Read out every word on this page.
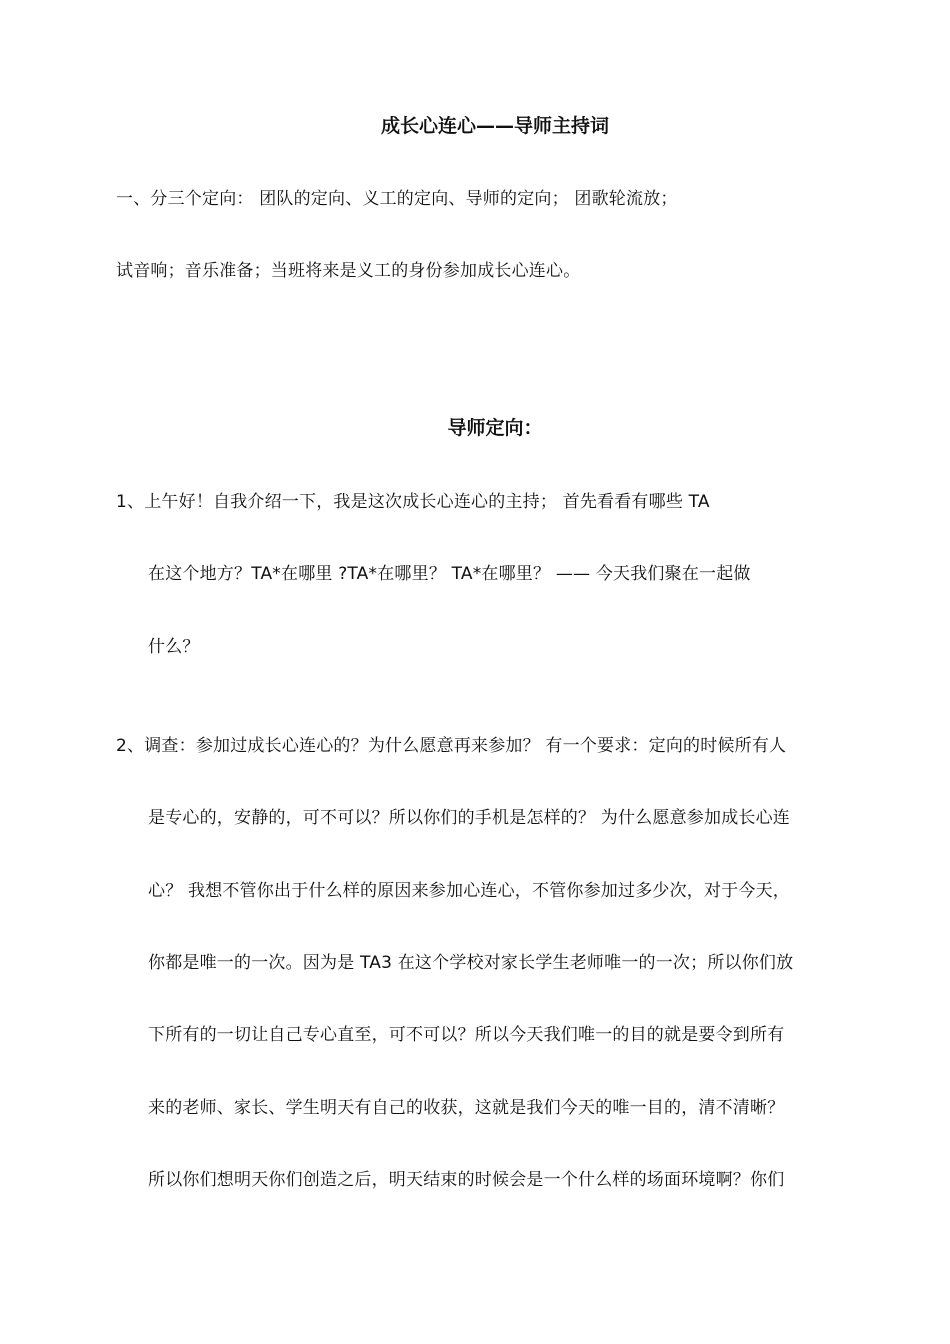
成长心连心——导师主持词
一、分三个定向： 团队的定向、义工的定向、导师的定向； 团歌轮流放；
试音响；音乐准备；当班将来是义工的身份参加成长心连心。
导师定向：
1、上午好！自我介绍一下，我是这次成长心连心的主持； 首先看看有哪些 TA
在这个地方？TA*在哪里 ?TA*在哪里？ TA*在哪里？ —— 今天我们聚在一起做
什么？
2、调查：参加过成长心连心的？为什么愿意再来参加？ 有一个要求：定向的时候所有人
是专心的，安静的，可不可以？所以你们的手机是怎样的？ 为什么愿意参加成长心连
心？ 我想不管你出于什么样的原因来参加心连心，不管你参加过多少次，对于今天，
你都是唯一的一次。因为是 TA3 在这个学校对家长学生老师唯一的一次；所以你们放
下所有的一切让自己专心直至，可不可以？所以今天我们唯一的目的就是要令到所有
来的老师、家长、学生明天有自己的收获，这就是我们今天的唯一目的，清不清晰？
所以你们想明天你们创造之后，明天结束的时候会是一个什么样的场面环境啊？你们
